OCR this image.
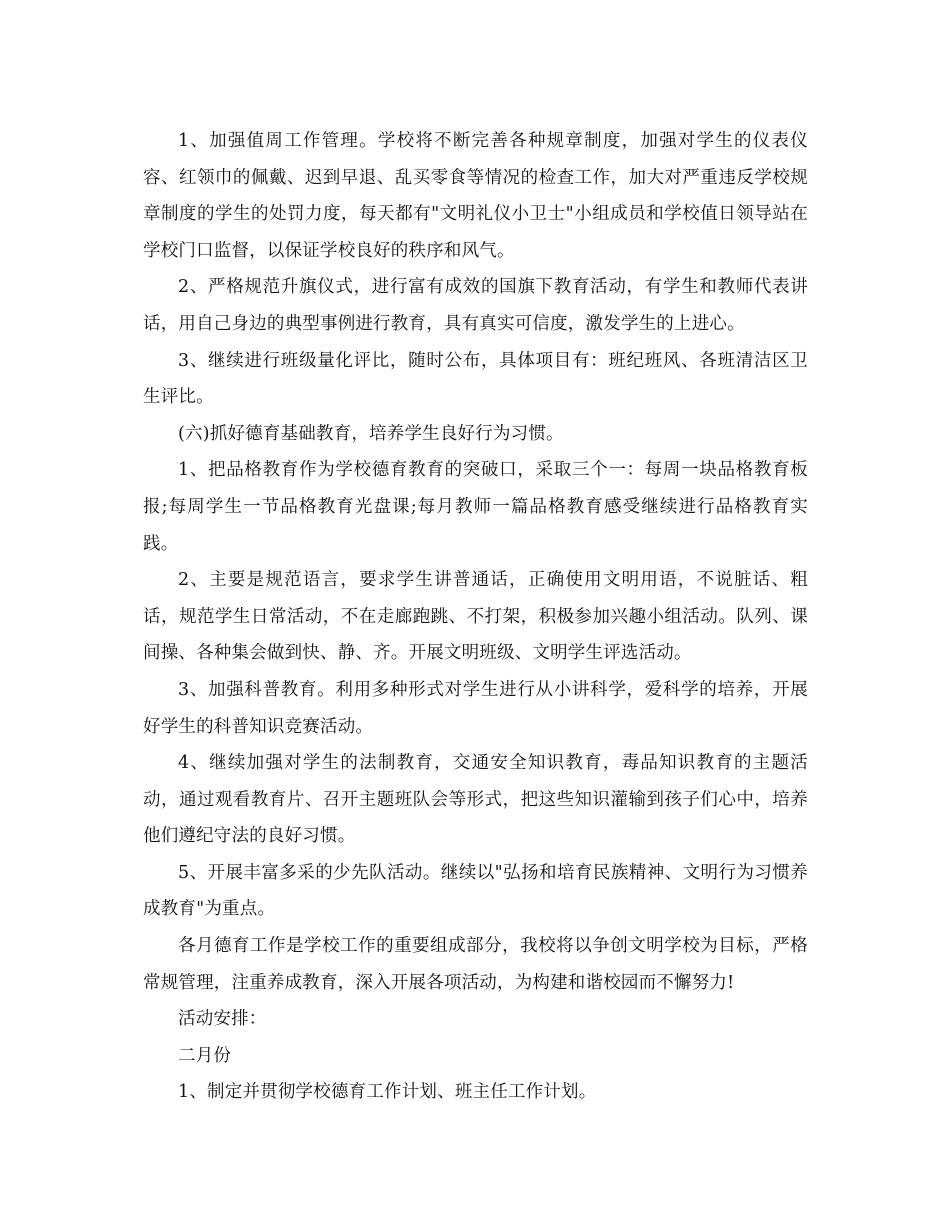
1、加强值周工作管理。学校将不断完善各种规章制度，加强对学生的仪表仪容、红领巾的佩戴、迟到早退、乱买零食等情况的检查工作，加大对严重违反学校规章制度的学生的处罚力度，每天都有"文明礼仪小卫士"小组成员和学校值日领导站在学校门口监督，以保证学校良好的秩序和风气。

2、严格规范升旗仪式，进行富有成效的国旗下教育活动，有学生和教师代表讲话，用自己身边的典型事例进行教育，具有真实可信度，激发学生的上进心。

3、继续进行班级量化评比，随时公布，具体项目有：班纪班风、各班清洁区卫生评比。

(六)抓好德育基础教育，培养学生良好行为习惯。

1、把品格教育作为学校德育教育的突破口，采取三个一：每周一块品格教育板报;每周学生一节品格教育光盘课;每月教师一篇品格教育感受继续进行品格教育实践。

2、主要是规范语言，要求学生讲普通话，正确使用文明用语，不说脏话、粗话，规范学生日常活动，不在走廊跑跳、不打架，积极参加兴趣小组活动。队列、课间操、各种集会做到快、静、齐。开展文明班级、文明学生评选活动。

3、加强科普教育。利用多种形式对学生进行从小讲科学，爱科学的培养，开展好学生的科普知识竞赛活动。

4、继续加强对学生的法制教育，交通安全知识教育，毒品知识教育的主题活动，通过观看教育片、召开主题班队会等形式，把这些知识灌输到孩子们心中，培养他们遵纪守法的良好习惯。

5、开展丰富多采的少先队活动。继续以"弘扬和培育民族精神、文明行为习惯养成教育"为重点。

各月德育工作是学校工作的重要组成部分，我校将以争创文明学校为目标，严格常规管理，注重养成教育，深入开展各项活动，为构建和谐校园而不懈努力!

活动安排：

二月份

1、制定并贯彻学校德育工作计划、班主任工作计划。
